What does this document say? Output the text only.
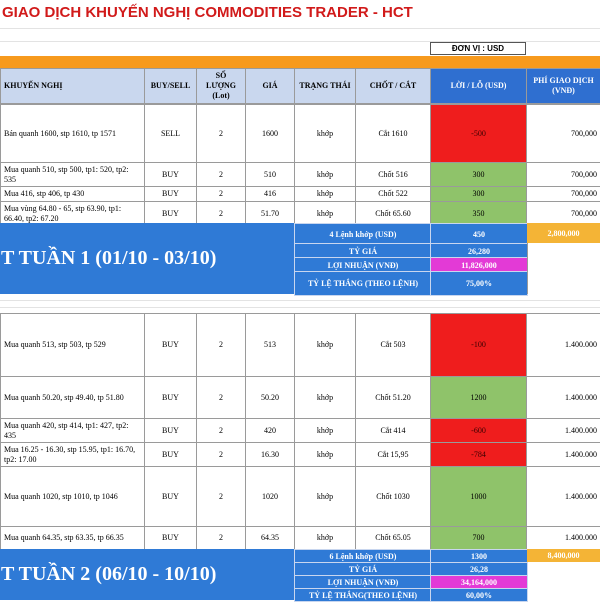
GIAO DỊCH KHUYẾN NGHỊ COMMODITIES TRADER - HCT
ĐƠN VỊ : USD
KHUYẾN NGHỊ	BUY/SELL	SỐ LƯỢNG (Lot)	GIÁ	TRẠNG THÁI	CHỐT / CẮT	LỜI / LỖ (USD)	PHÍ GIAO DỊCH (VNĐ)
Bán quanh 1600, stp 1610, tp 1571	SELL	2	1600	khớp	Cắt 1610	-500	700,000
Mua quanh 510, stp 500, tp1: 520, tp2: 535	BUY	2	510	khớp	Chốt 516	300	700,000
Mua 416, stp 406, tp 430	BUY	2	416	khớp	Chốt 522	300	700,000
Mua vùng 64.80 - 65, stp 63.90, tp1: 66.40, tp2: 67.20	BUY	2	51.70	khớp	Chốt 65.60	350	700,000
T TUẦN 1 (01/10 - 03/10)
4 Lệnh khớp (USD)	450	2,800,000
TỶ GIÁ	26,280
LỢI NHUẬN (VNĐ)	11,826,000
TỶ LỆ THẮNG (THEO LỆNH)	75,00%
Mua quanh 513, stp 503, tp 529	BUY	2	513	khớp	Cắt 503	-100	1.400.000
Mua quanh 50.20, stp 49.40, tp 51.80	BUY	2	50.20	khớp	Chốt 51.20	1200	1.400.000
Mua quanh 420, stp 414, tp1: 427, tp2: 435	BUY	2	420	khớp	Cắt 414	-600	1.400.000
Mua 16.25 - 16.30, stp 15.95, tp1: 16.70, tp2: 17.00	BUY	2	16.30	khớp	Cắt 15,95	-784	1.400.000
Mua quanh 1020, stp 1010, tp 1046	BUY	2	1020	khớp	Chốt 1030	1000	1.400.000
Mua quanh 64.35, stp 63.35, tp 66.35	BUY	2	64.35	khớp	Chốt 65.05	700	1.400.000
T TUẦN 2 (06/10 - 10/10)
6 Lệnh khớp (USD)	1300	8,400,000
TỶ GIÁ	26,28
LỢI NHUẬN (VNĐ)	34,164,000
TỶ LỆ THẮNG(THEO LỆNH)	60,00%
